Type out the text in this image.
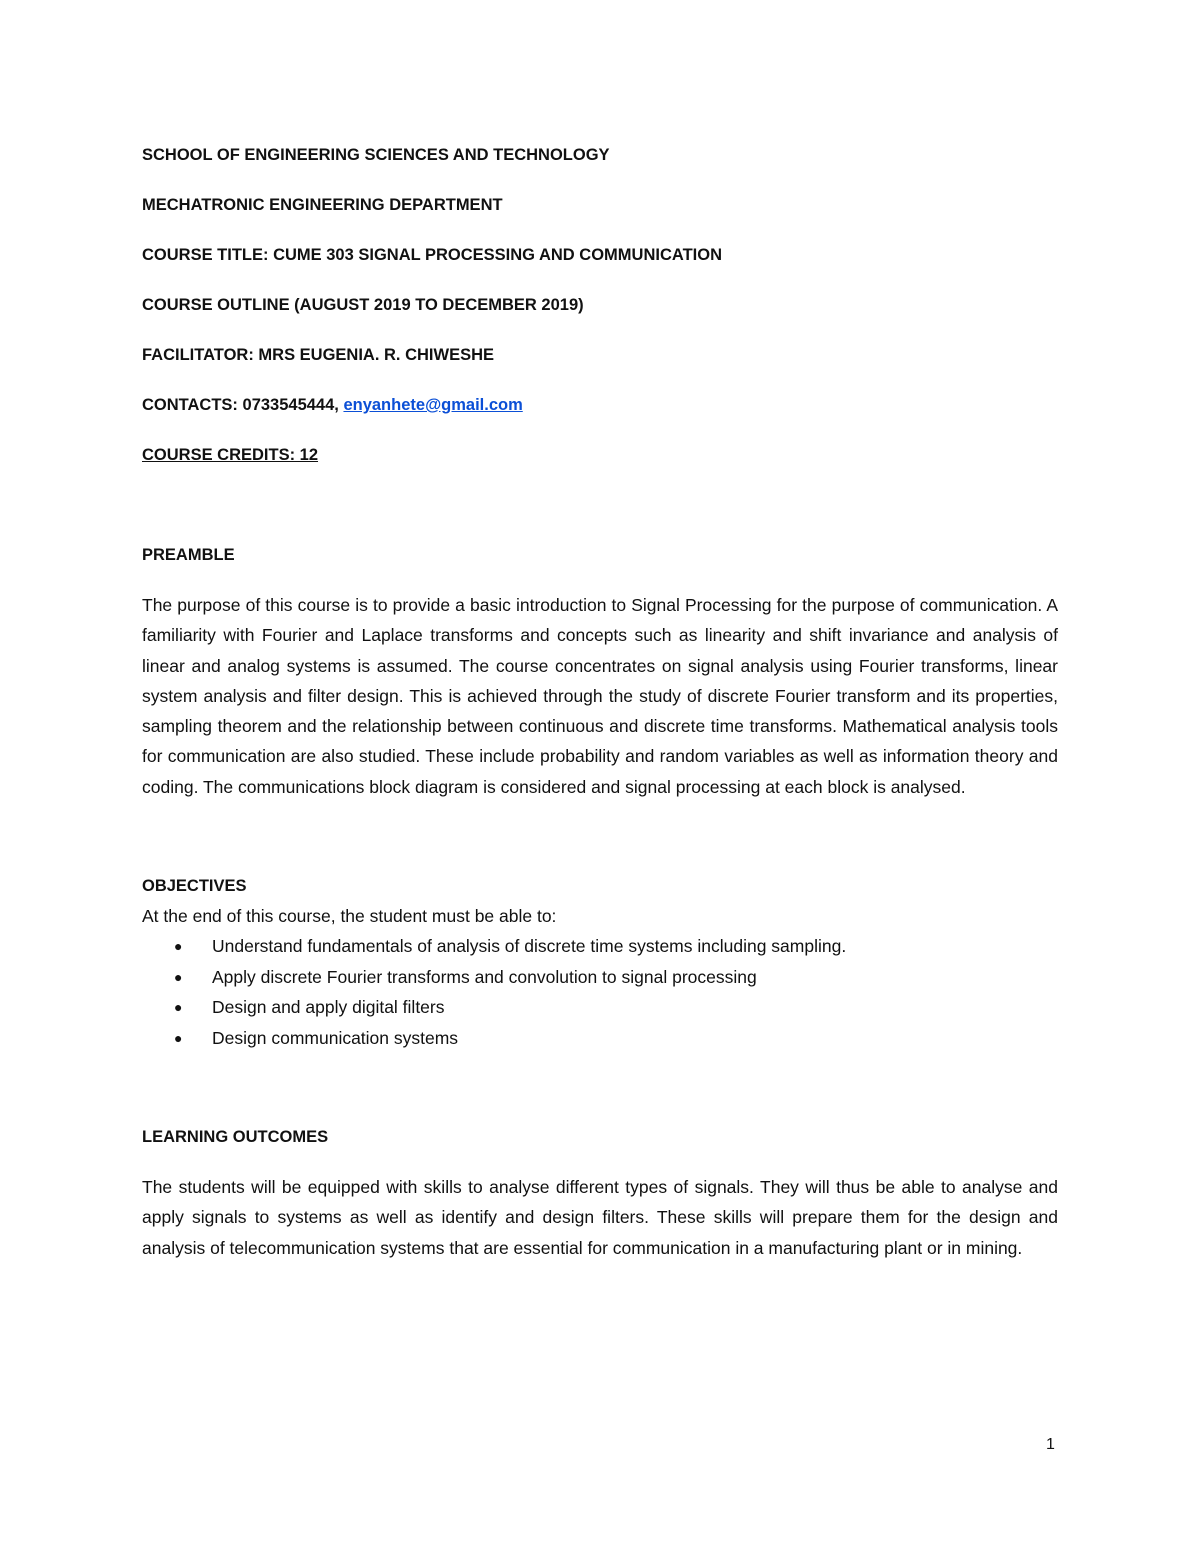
SCHOOL OF ENGINEERING SCIENCES AND TECHNOLOGY
MECHATRONIC ENGINEERING DEPARTMENT
COURSE TITLE: CUME 303 SIGNAL PROCESSING AND COMMUNICATION
COURSE OUTLINE (AUGUST 2019 TO DECEMBER 2019)
FACILITATOR: MRS EUGENIA. R. CHIWESHE
CONTACTS: 0733545444, enyanhete@gmail.com
COURSE CREDITS: 12

PREAMBLE

The purpose of this course is to provide a basic introduction to Signal Processing for the purpose of communication. A familiarity with Fourier and Laplace transforms and concepts such as linearity and shift invariance and analysis of linear and analog systems is assumed. The course concentrates on signal analysis using Fourier transforms, linear system analysis and filter design. This is achieved through the study of discrete Fourier transform and its properties, sampling theorem and the relationship between continuous and discrete time transforms. Mathematical analysis tools for communication are also studied. These include probability and random variables as well as information theory and coding. The communications block diagram is considered and signal processing at each block is analysed.

OBJECTIVES

At the end of this course, the student must be able to:

● Understand fundamentals of analysis of discrete time systems including sampling.
● Apply discrete Fourier transforms and convolution to signal processing
● Design and apply digital filters
● Design communication systems

LEARNING OUTCOMES

The students will be equipped with skills to analyse different types of signals. They will thus be able to analyse and apply signals to systems as well as identify and design filters. These skills will prepare them for the design and analysis of telecommunication systems that are essential for communication in a manufacturing plant or in mining.

1
